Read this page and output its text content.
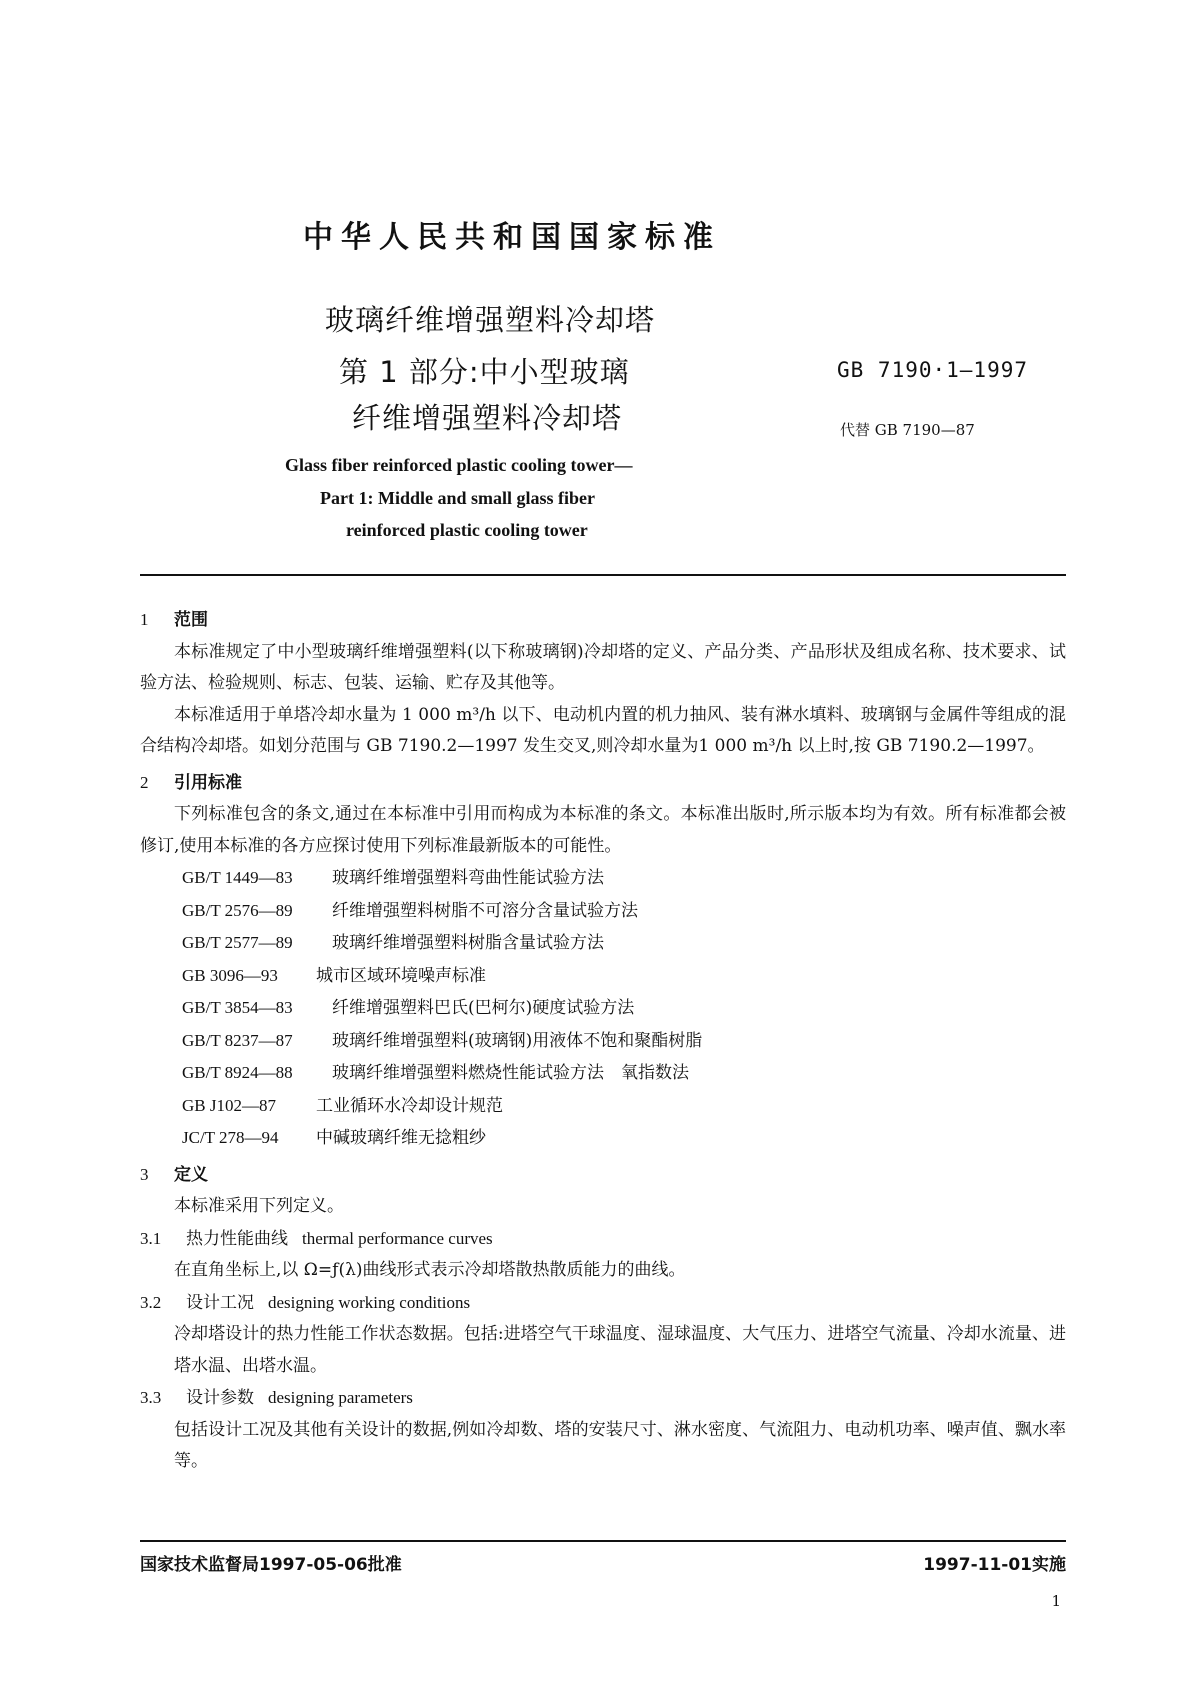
中华人民共和国国家标准
玻璃纤维增强塑料冷却塔
第 1 部分:中小型玻璃
纤维增强塑料冷却塔
GB 7190·1—1997
代替 GB 7190—87
Glass fiber reinforced plastic cooling tower—
Part 1: Middle and small glass fiber
reinforced plastic cooling tower
1 范围
本标准规定了中小型玻璃纤维增强塑料(以下称玻璃钢)冷却塔的定义、产品分类、产品形状及组成名称、技术要求、试验方法、检验规则、标志、包装、运输、贮存及其他等。
本标准适用于单塔冷却水量为 1 000 m³/h 以下、电动机内置的机力抽风、装有淋水填料、玻璃钢与金属件等组成的混合结构冷却塔。如划分范围与 GB 7190.2—1997 发生交叉,则冷却水量为1 000 m³/h 以上时,按 GB 7190.2—1997。
2 引用标准
下列标准包含的条文,通过在本标准中引用而构成为本标准的条文。本标准出版时,所示版本均为有效。所有标准都会被修订,使用本标准的各方应探讨使用下列标准最新版本的可能性。
GB/T 1449—83 玻璃纤维增强塑料弯曲性能试验方法
GB/T 2576—89 纤维增强塑料树脂不可溶分含量试验方法
GB/T 2577—89 玻璃纤维增强塑料树脂含量试验方法
GB 3096—93 城市区域环境噪声标准
GB/T 3854—83 纤维增强塑料巴氏(巴柯尔)硬度试验方法
GB/T 8237—87 玻璃纤维增强塑料(玻璃钢)用液体不饱和聚酯树脂
GB/T 8924—88 玻璃纤维增强塑料燃烧性能试验方法　氧指数法
GB J102—87 工业循环水冷却设计规范
JC/T 278—94 中碱玻璃纤维无捻粗纱
3 定义
本标准采用下列定义。
3.1 热力性能曲线 thermal performance curves
在直角坐标上,以 Ω=ƒ(λ)曲线形式表示冷却塔散热散质能力的曲线。
3.2 设计工况 designing working conditions
冷却塔设计的热力性能工作状态数据。包括:进塔空气干球温度、湿球温度、大气压力、进塔空气流量、冷却水流量、进塔水温、出塔水温。
3.3 设计参数 designing parameters
包括设计工况及其他有关设计的数据,例如冷却数、塔的安装尺寸、淋水密度、气流阻力、电动机功率、噪声值、飘水率等。
国家技术监督局1997-05-06批准	1997-11-01实施
1
